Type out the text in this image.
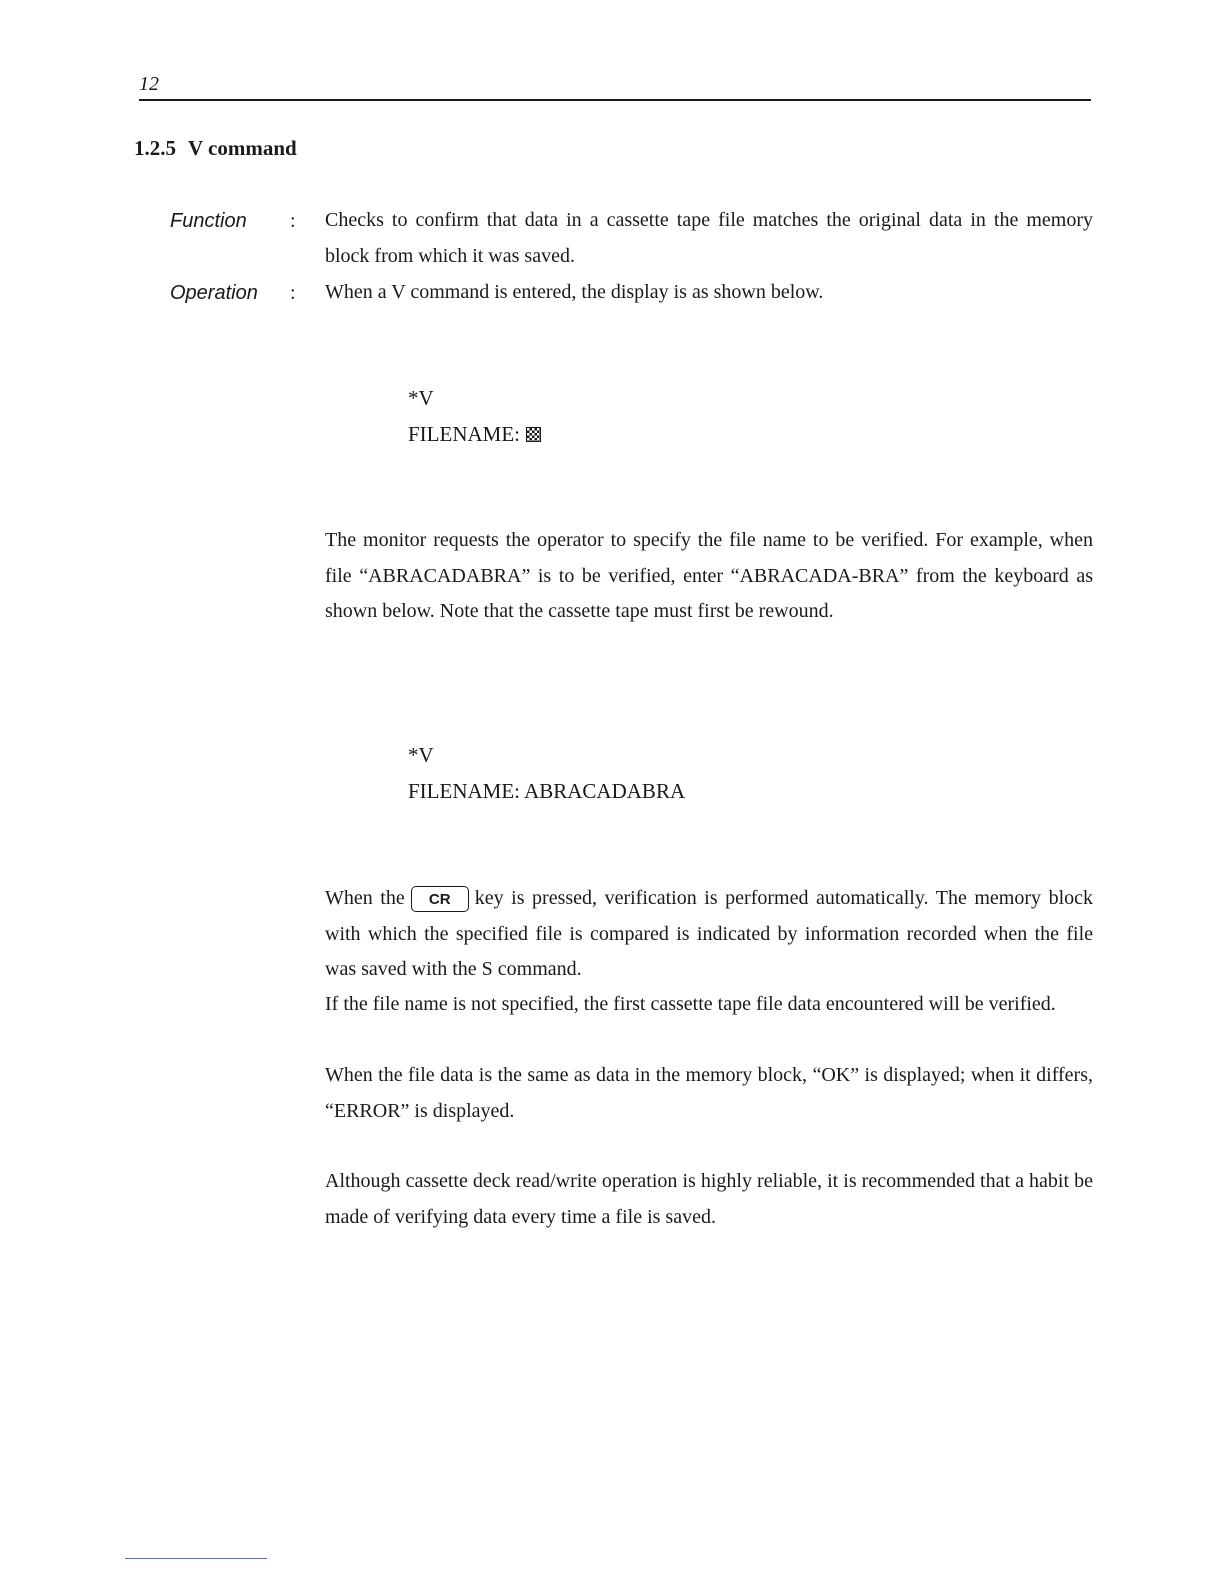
12
1.2.5 V command
Function : Checks to confirm that data in a cassette tape file matches the original data in the memory block from which it was saved.

Operation : When a V command is entered, the display is as shown below.

*V
FILENAME:

The monitor requests the operator to specify the file name to be verified. For example, when file “ABRACADABRA” is to be verified, enter “ABRACADA-BRA” from the keyboard as shown below. Note that the cassette tape must first be rewound.

*V
FILENAME: ABRACADABRA

When the CR key is pressed, verification is performed automatically. The memory block with which the specified file is compared is indicated by information recorded when the file was saved with the S command.

If the file name is not specified, the first cassette tape file data encountered will be verified.

When the file data is the same as data in the memory block, “OK” is displayed; when it differs, “ERROR” is displayed.

Although cassette deck read/write operation is highly reliable, it is recommended that a habit be made of verifying data every time a file is saved.
